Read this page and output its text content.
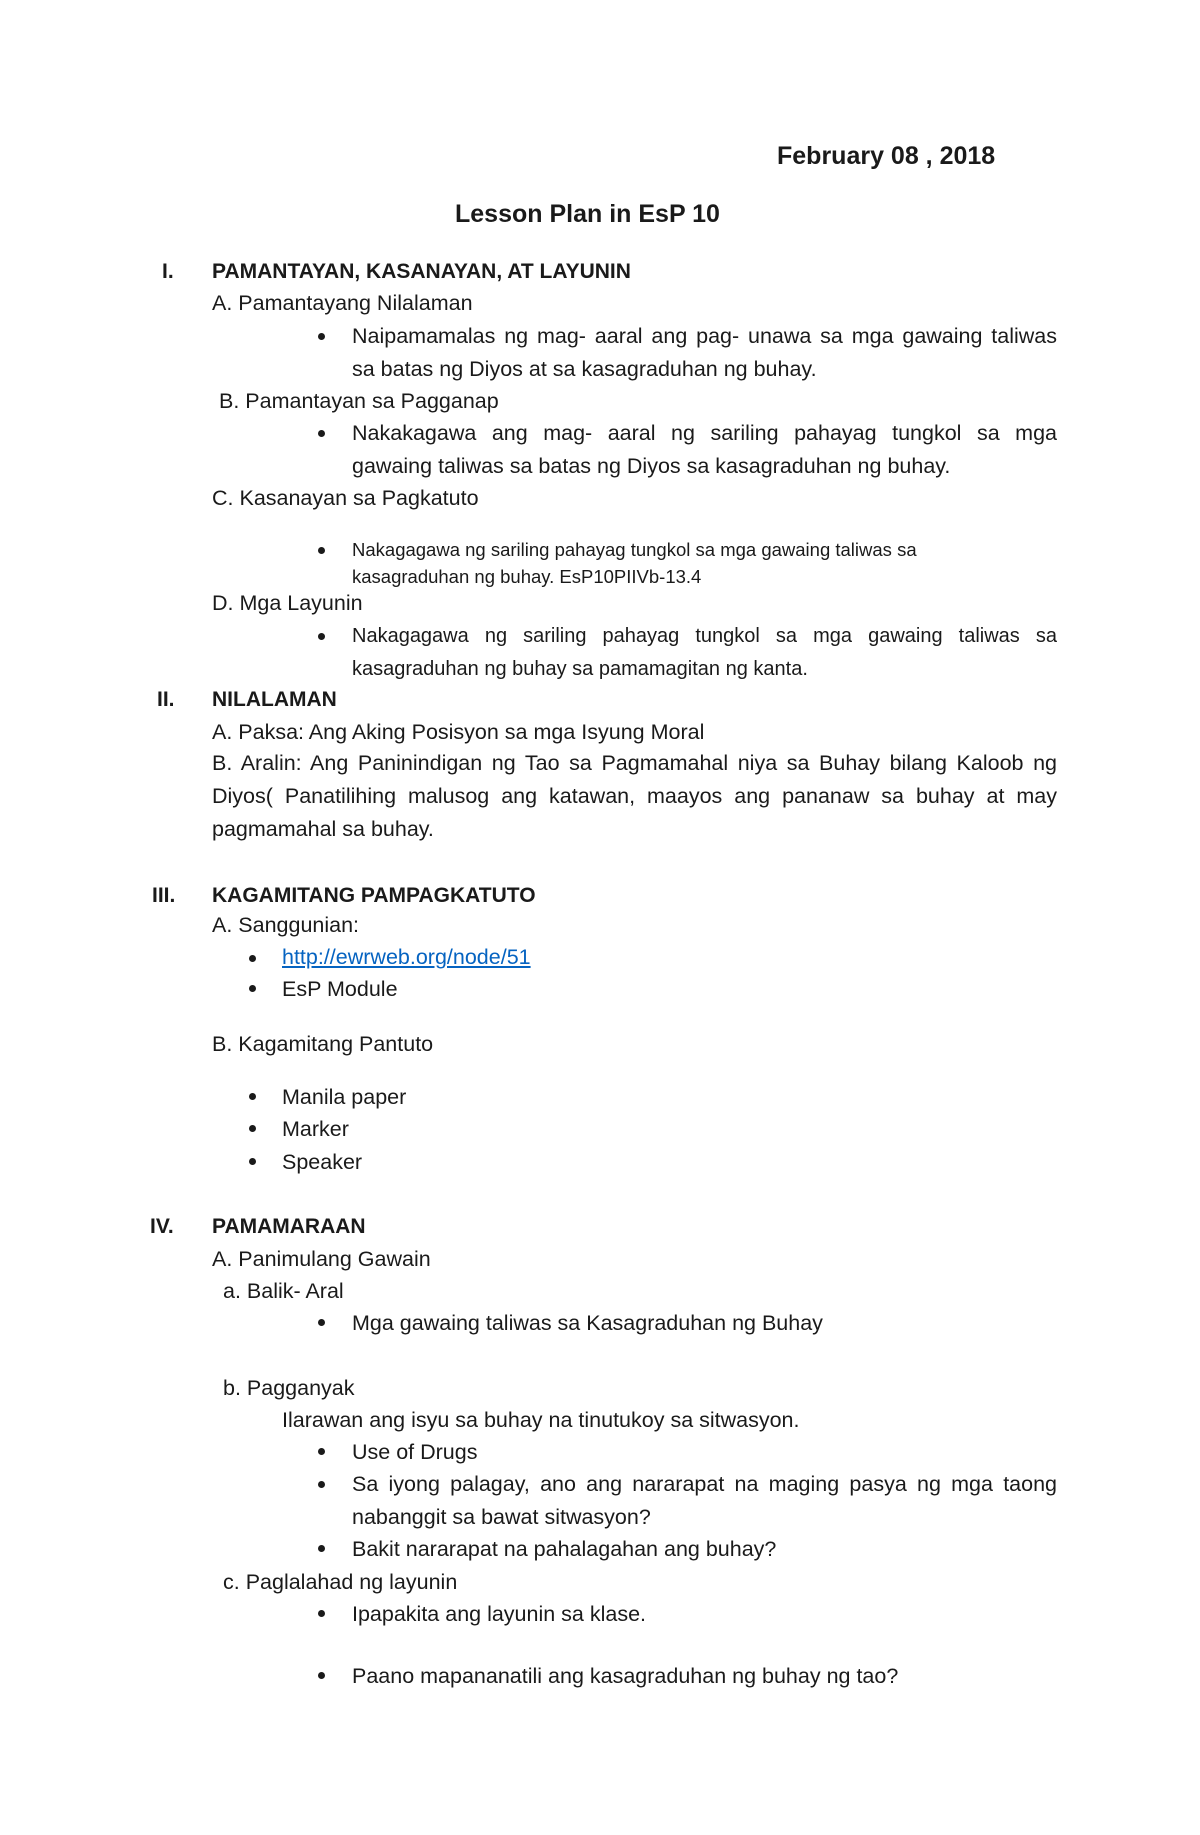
February 08 , 2018
Lesson Plan in EsP 10
I. PAMANTAYAN, KASANAYAN, AT LAYUNIN
A. Pamantayang Nilalaman
Naipamamalas ng mag- aaral ang pag- unawa sa mga gawaing taliwas sa batas ng Diyos at sa kasagraduhan ng buhay.
B. Pamantayan sa Pagganap
Nakakagawa ang mag- aaral ng sariling pahayag tungkol sa mga gawaing taliwas sa batas ng Diyos sa kasagraduhan ng buhay.
C. Kasanayan sa Pagkatuto
Nakagagawa ng sariling pahayag tungkol sa mga gawaing taliwas sa
kasagraduhan ng buhay. EsP10PIIVb-13.4
D. Mga Layunin
Nakagagawa ng sariling pahayag tungkol sa mga gawaing taliwas sa kasagraduhan ng buhay sa pamamagitan ng kanta.
II. NILALAMAN
A. Paksa: Ang Aking Posisyon sa mga Isyung Moral
B. Aralin: Ang Paninindigan ng Tao sa Pagmamahal niya sa Buhay bilang Kaloob ng Diyos( Panatilihing malusog ang katawan, maayos ang pananaw sa buhay at may pagmamahal sa buhay.
III. KAGAMITANG PAMPAGKATUTO
A. Sanggunian:
http://ewrweb.org/node/51
EsP Module
B. Kagamitang Pantuto
Manila paper
Marker
Speaker
IV. PAMAMARAAN
A. Panimulang Gawain
a. Balik- Aral
Mga gawaing taliwas sa Kasagraduhan ng Buhay
b. Pagganyak
Ilarawan ang isyu sa buhay na tinutukoy sa sitwasyon.
Use of Drugs
Sa iyong palagay, ano ang nararapat na maging pasya ng mga taong nabanggit sa bawat sitwasyon?
Bakit nararapat na pahalagahan ang buhay?
c. Paglalahad ng layunin
Ipapakita ang layunin sa klase.
Paano mapananatili ang kasagraduhan ng buhay ng tao?
